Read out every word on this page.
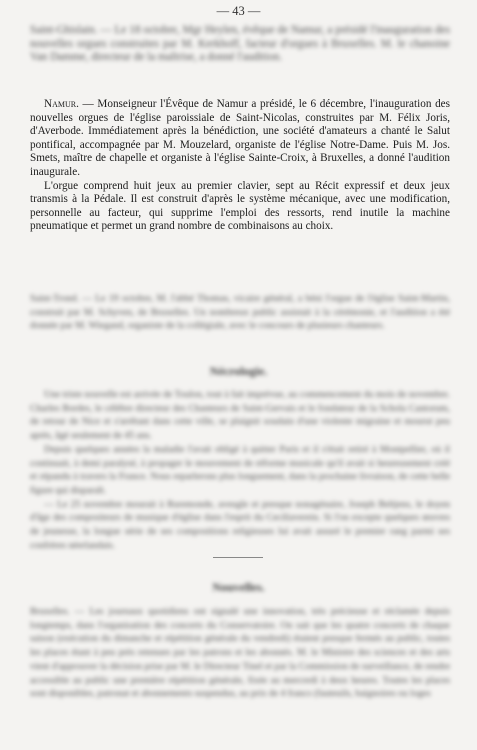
— 43 —
Saint-Ghislain. — Le 18 octobre, Mgr Heylen, évêque de Namur, a présidé l'inauguration des nouvelles orgues construites par M. Kerkhoff, facteur d'orgues à Bruxelles. M. le chanoine Van Damme, directeur de la maîtrise, a donné l'audition.

Namur. — Monseigneur l'Évêque de Namur a présidé, le 6 décembre, l'inauguration des nouvelles orgues de l'église paroissiale de Saint-Nicolas, construites par M. Félix Joris, d'Averbode. Immédiatement après la bénédiction, une société d'amateurs a chanté le Salut pontifical, accompagnée par M. Mouzelard, organiste de l'église Notre-Dame. Puis M. Jos. Smets, maître de chapelle et organiste à l'église Sainte-Croix, à Bruxelles, a donné l'audition inaugurale.

L'orgue comprend huit jeux au premier clavier, sept au Récit expressif et deux jeux transmis à la Pédale. Il est construit d'après le système mécanique, avec une modification, personnelle au facteur, qui supprime l'emploi des ressorts, rend inutile la machine pneumatique et permet un grand nombre de combinaisons au choix.

Saint-Trond. — Le 19 octobre, M. l'abbé Thomas, vicaire général, a béni l'orgue de l'église Saint-Martin, construit par M. Schyven, de Bruxelles. Un nombreux public assistait à la cérémonie, et l'audition a été donnée par M. Wiegand, organiste de la collégiale, avec le concours de plusieurs chanteurs.
Nécrologie.

Une triste nouvelle est arrivée de Toulon, tout à fait imprévue, au commencement du mois de novembre. Charles Bordes, le célèbre directeur des Chanteurs de Saint-Gervais et le fondateur de la Schola Cantorum, de retour de Nice et s'arrêtant dans cette ville, se plaignit soudain d'une violente migraine et mourut peu après, âgé seulement de 45 ans.

Depuis quelques années la maladie l'avait obligé à quitter Paris et il s'était retiré à Montpellier, où il continuait, à demi paralysé, à propager le mouvement de réforme musicale qu'il avait si heureusement créé et répandu à travers la France. Nous reparlerons plus longuement, dans la prochaine livraison, de cette belle figure qui disparaît.

— Le 25 novembre mourait à Ruremonde, aveugle et presque nonagénaire, Joseph Beltjens, le doyen d'âge des compositeurs de musique d'église dans l'esprit du Ceciliaverein. Si l'on excepte quelques œuvres de jeunesse, la longue série de ses compositions religieuses lui avait assuré le premier rang parmi ses confrères néerlandais.

Nouvelles.
Bruxelles. — Les journaux quotidiens ont signalé une innovation, très précieuse et réclamée depuis longtemps, dans l'organisation des concerts du Conservatoire. On sait que les quatre concerts de chaque saison (exécution du dimanche et répétition générale du vendredi) étaient presque fermés au public, toutes les places étant à peu près retenues par les patrons et les abonnés. M. le Ministre des sciences et des arts vient d'approuver la décision prise par M. le Directeur Tinel et par la Commission de surveillance, de rendre accessible au public une première répétition générale, fixée au mercredi à deux heures. Toutes les places sont disponibles, patronat et abonnements suspendus, au prix de 4 francs (fauteuils, baignoires ou loges
